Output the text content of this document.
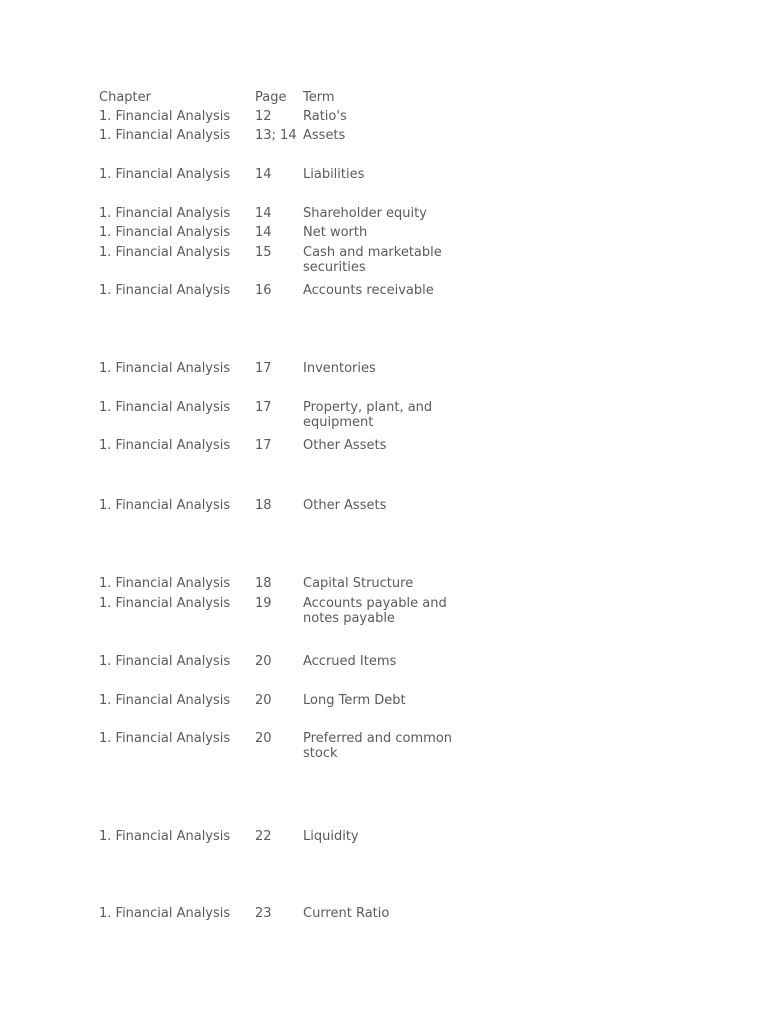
Chapter	Page Term
1. Financial Analysis 12 Ratio's
1. Financial Analysis 13; 14 Assets
1. Financial Analysis 14 Liabilities
1. Financial Analysis 14 Shareholder equity
1. Financial Analysis 14 Net worth
1. Financial Analysis 15 Cash and marketable securities
1. Financial Analysis 16 Accounts receivable
1. Financial Analysis 17 Inventories
1. Financial Analysis 17 Property, plant, and equipment
1. Financial Analysis 17 Other Assets
1. Financial Analysis 18 Other Assets
1. Financial Analysis 18 Capital Structure
1. Financial Analysis 19 Accounts payable and notes payable
1. Financial Analysis 20 Accrued Items
1. Financial Analysis 20 Long Term Debt
1. Financial Analysis 20 Preferred and common stock
1. Financial Analysis 22 Liquidity
1. Financial Analysis 23 Current Ratio
